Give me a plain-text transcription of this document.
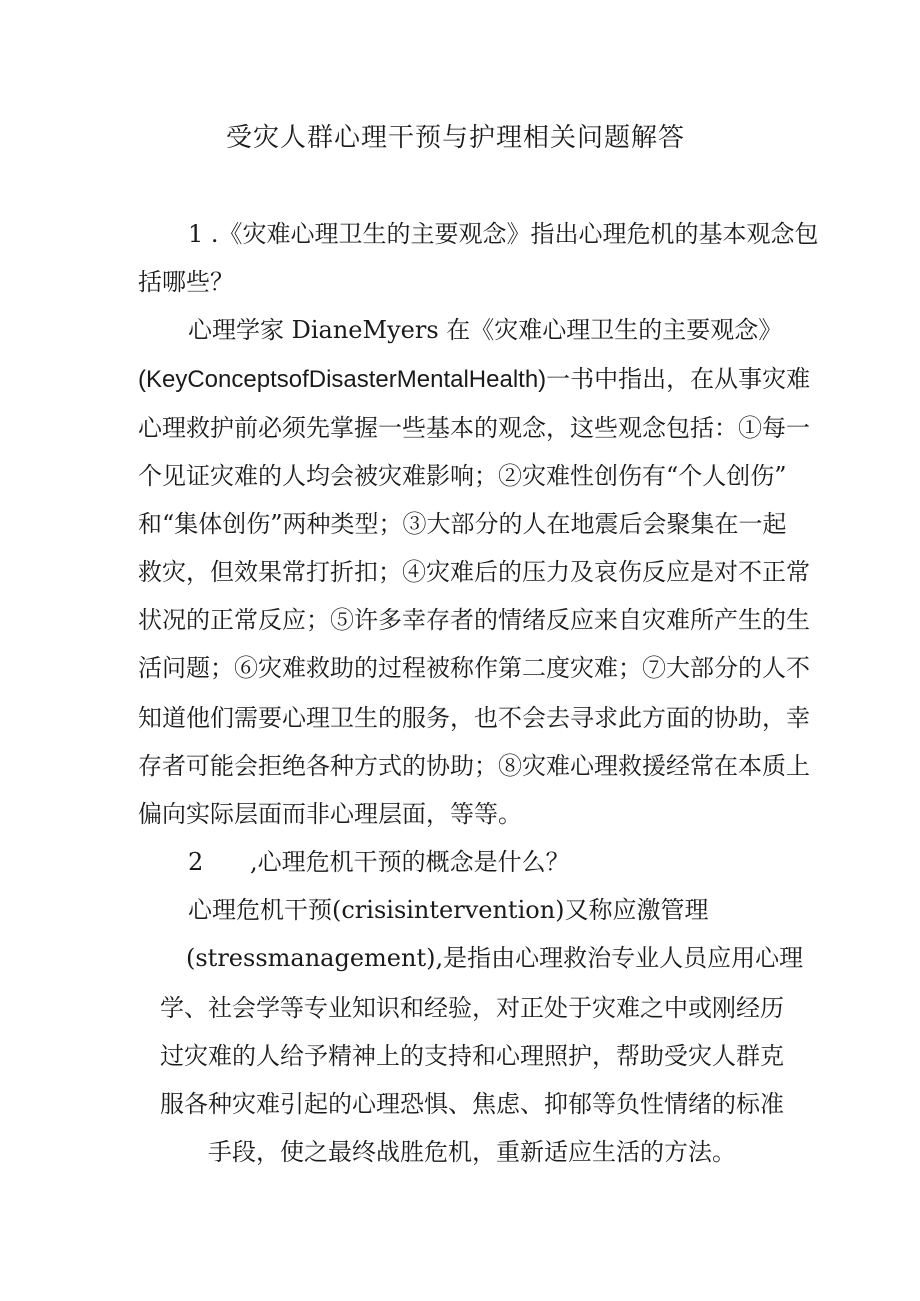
受灾人群心理干预与护理相关问题解答
1 .《灾难心理卫生的主要观念》指出心理危机的基本观念包
括哪些？
心理学家 DianeMyers 在《灾难心理卫生的主要观念》
(KeyConceptsofDisasterMentalHealth)一书中指出，在从事灾难
心理救护前必须先掌握一些基本的观念，这些观念包括：①每一
个见证灾难的人均会被灾难影响；②灾难性创伤有“个人创伤”
和“集体创伤”两种类型；③大部分的人在地震后会聚集在一起
救灾，但效果常打折扣；④灾难后的压力及哀伤反应是对不正常
状况的正常反应；⑤许多幸存者的情绪反应来自灾难所产生的生
活问题；⑥灾难救助的过程被称作第二度灾难；⑦大部分的人不
知道他们需要心理卫生的服务，也不会去寻求此方面的协助，幸
存者可能会拒绝各种方式的协助；⑧灾难心理救援经常在本质上
偏向实际层面而非心理层面，等等。
2 ,心理危机干预的概念是什么？
心理危机干预(crisisintervention)又称应激管理
(stressmanagement),是指由心理救治专业人员应用心理
学、社会学等专业知识和经验，对正处于灾难之中或刚经历
过灾难的人给予精神上的支持和心理照护，帮助受灾人群克
服各种灾难引起的心理恐惧、焦虑、抑郁等负性情绪的标准
手段，使之最终战胜危机，重新适应生活的方法。
